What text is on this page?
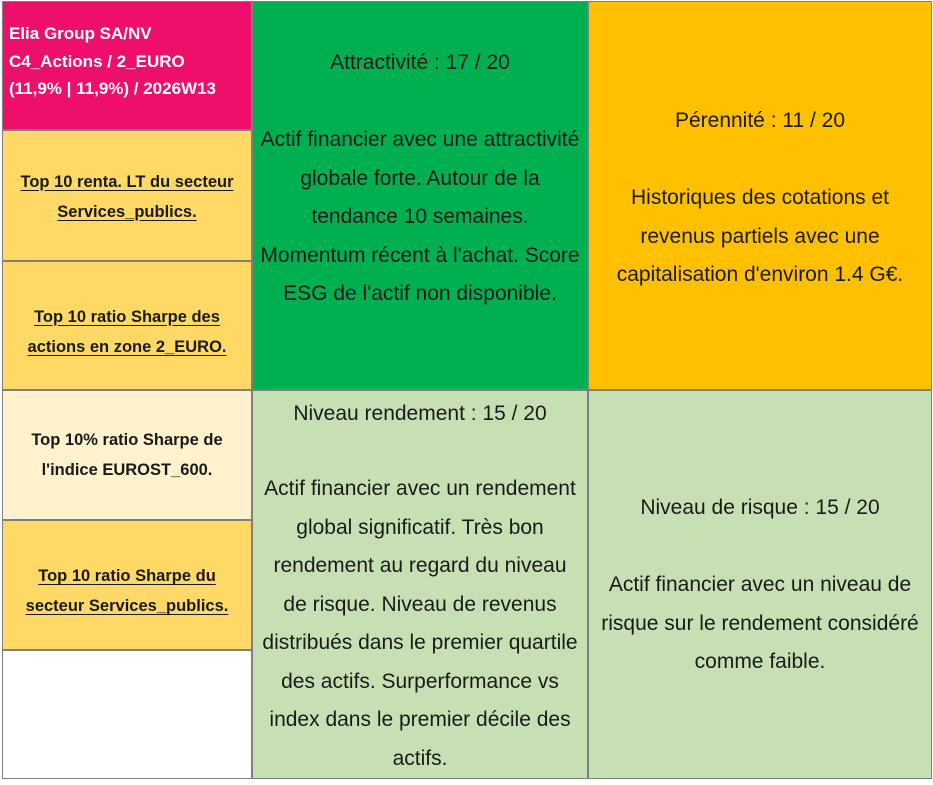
Elia Group SA/NV
C4_Actions / 2_EURO
(11,9% | 11,9%) / 2026W13
Top 10 renta. LT du secteur Services_publics.
Top 10 ratio Sharpe des actions en zone 2_EURO.
Top 10% ratio Sharpe de l'indice EUROST_600.
Top 10 ratio Sharpe du secteur Services_publics.
Attractivité : 17 / 20
Actif financier avec une attractivité globale forte. Autour de la tendance 10 semaines. Momentum récent à l'achat. Score ESG de l'actif non disponible.
Pérennité : 11 / 20
Historiques des cotations et revenus partiels avec une capitalisation d'environ 1.4 G€.
Niveau rendement : 15 / 20
Actif financier avec un rendement global significatif. Très bon rendement au regard du niveau de risque. Niveau de revenus distribués dans le premier quartile des actifs. Surperformance vs index dans le premier décile des actifs.
Niveau de risque : 15 / 20
Actif financier avec un niveau de risque sur le rendement considéré comme faible.
